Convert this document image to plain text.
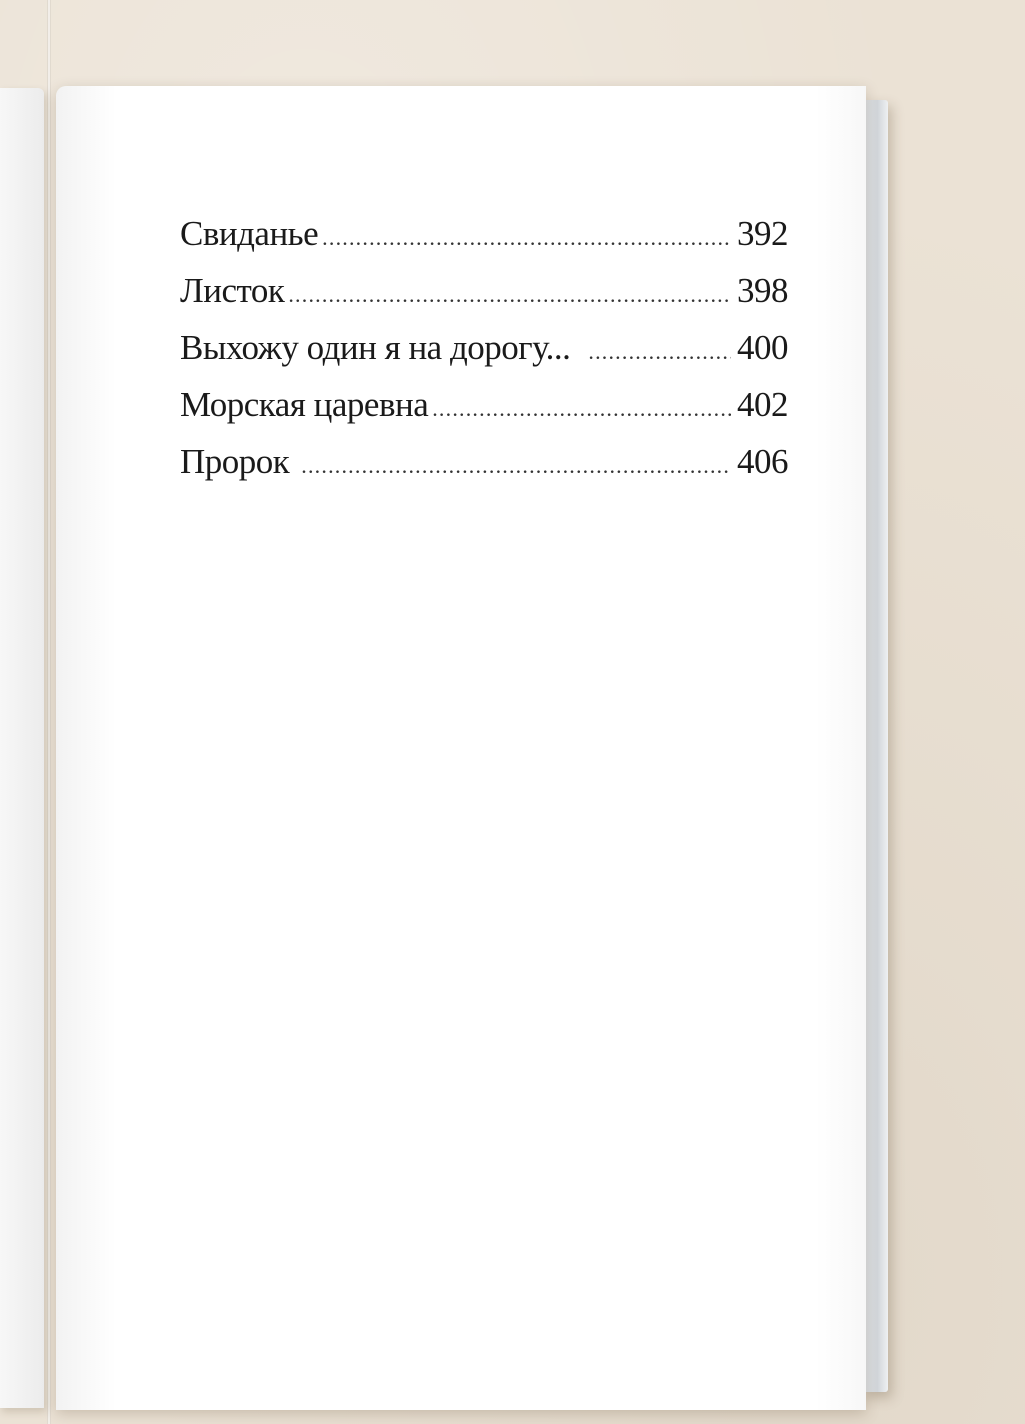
Свиданье .....	392
Листок .....	398
Выхожу один я на дорогу... .....	400
Морская царевна .....	402
Пророк .....	406
